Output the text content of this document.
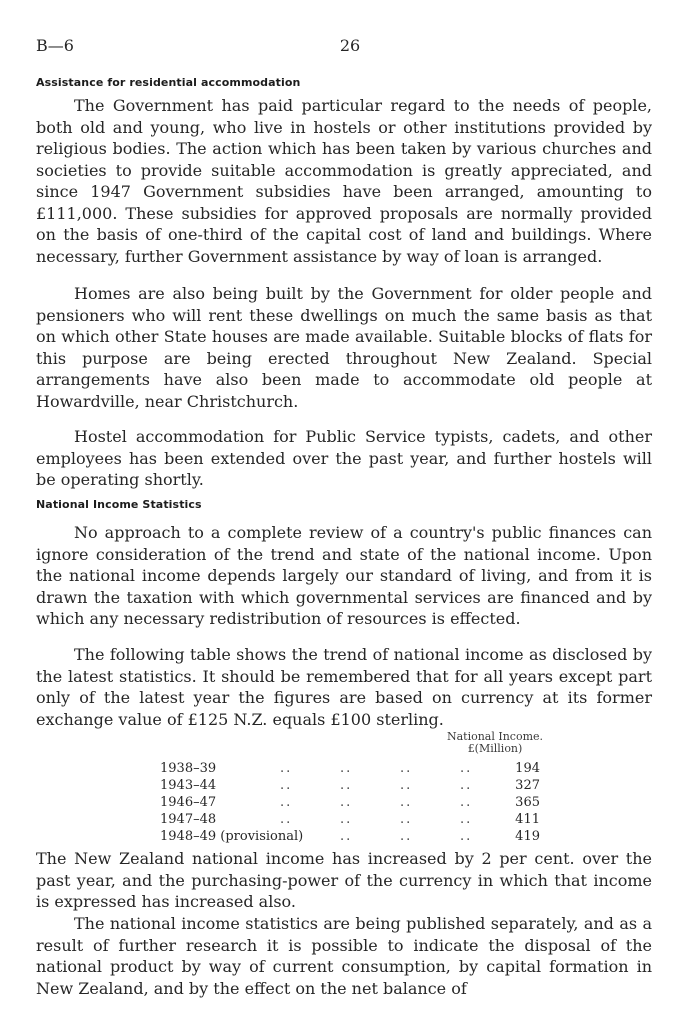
B—6	26
Assistance for residential accommodation

The Government has paid particular regard to the needs of people, both old and young, who live in hostels or other institutions provided by religious bodies. The action which has been taken by various churches and societies to provide suitable accommodation is greatly appreciated, and since 1947 Government subsidies have been arranged, amounting to £111,000. These subsidies for approved proposals are normally provided on the basis of one-third of the capital cost of land and buildings. Where necessary, further Government assistance by way of loan is arranged.

Homes are also being built by the Government for older people and pensioners who will rent these dwellings on much the same basis as that on which other State houses are made available. Suitable blocks of flats for this purpose are being erected throughout New Zealand. Special arrangements have also been made to accommodate old people at Howardville, near Christchurch.

Hostel accommodation for Public Service typists, cadets, and other employees has been extended over the past year, and further hostels will be operating shortly.

National Income Statistics

No approach to a complete review of a country's public finances can ignore consideration of the trend and state of the national income. Upon the national income depends largely our standard of living, and from it is drawn the taxation with which governmental services are financed and by which any necessary redistribution of resources is effected.

The following table shows the trend of national income as disclosed by the latest statistics. It should be remembered that for all years except part only of the latest year the figures are based on currency at its former exchange value of £125 N.Z. equals £100 sterling.

National Income.
£(Million)
1938–39	..	..	..	..	194
1943–44	..	..	..	..	327
1946–47	..	..	..	..	365
1947–48	..	..	..	..	411
1948–49 (provisional)	..	..	..	419

The New Zealand national income has increased by 2 per cent. over the past year, and the purchasing-power of the currency in which that income is expressed has increased also.

The national income statistics are being published separately, and as a result of further research it is possible to indicate the disposal of the national product by way of current consumption, by capital formation in New Zealand, and by the effect on the net balance of
